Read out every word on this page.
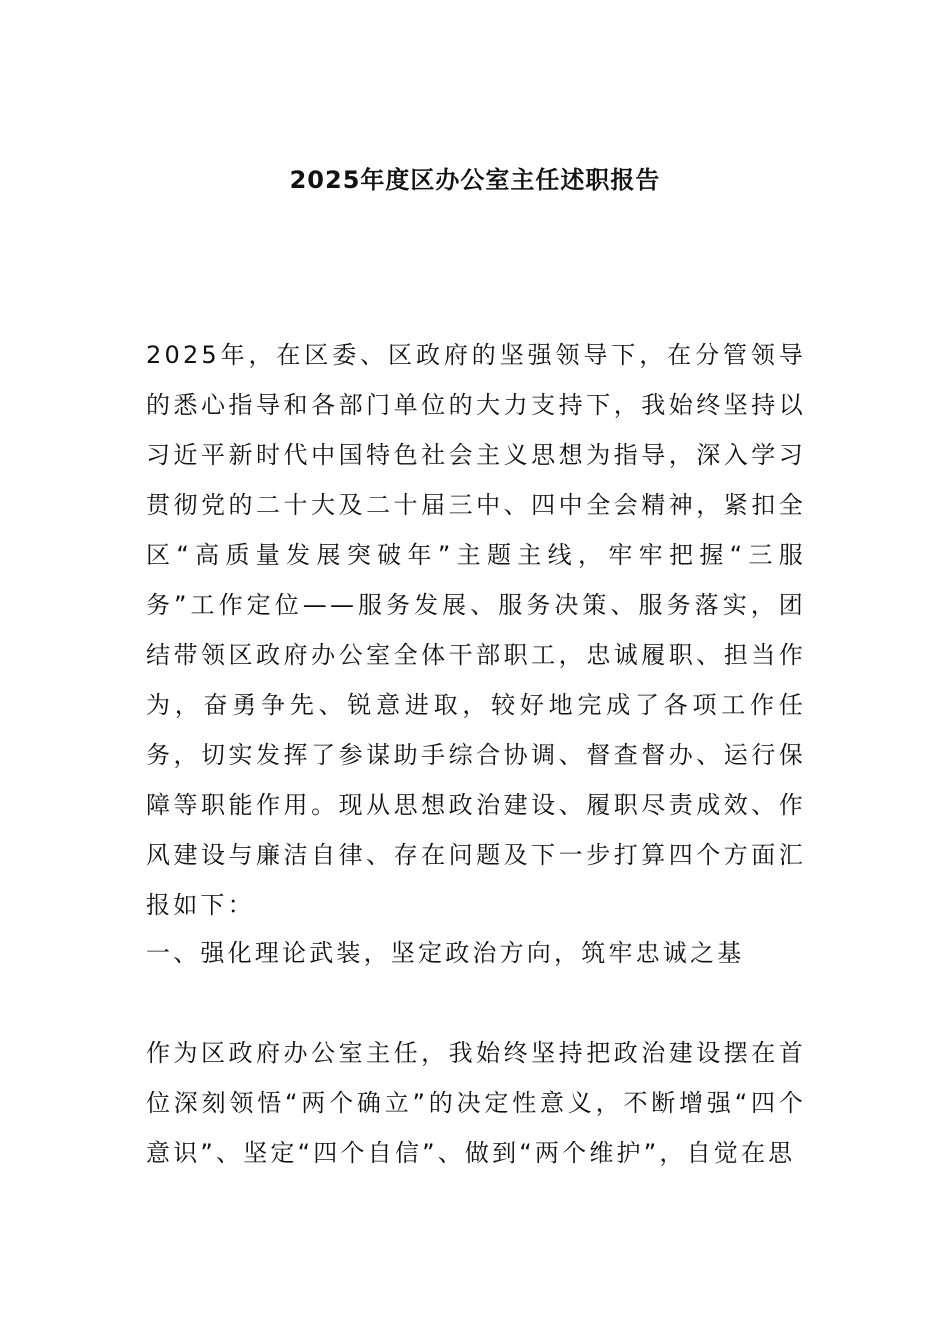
2025年度区办公室主任述职报告

2025年，在区委、区政府的坚强领导下，在分管领导的悉心指导和各部门单位的大力支持下，我始终坚持以习近平新时代中国特色社会主义思想为指导，深入学习贯彻党的二十大及二十届三中、四中全会精神，紧扣全区“高质量发展突破年”主题主线，牢牢把握“三服务”工作定位——服务发展、服务决策、服务落实，团结带领区政府办公室全体干部职工，忠诚履职、担当作为，奋勇争先、锐意进取，较好地完成了各项工作任务，切实发挥了参谋助手综合协调、督查督办、运行保障等职能作用。现从思想政治建设、履职尽责成效、作风建设与廉洁自律、存在问题及下一步打算四个方面汇报如下：

一、强化理论武装，坚定政治方向，筑牢忠诚之基

作为区政府办公室主任，我始终坚持把政治建设摆在首位深刻领悟“两个确立”的决定性意义，不断增强“四个意识”、坚定“四个自信”、做到“两个维护”，自觉在思
